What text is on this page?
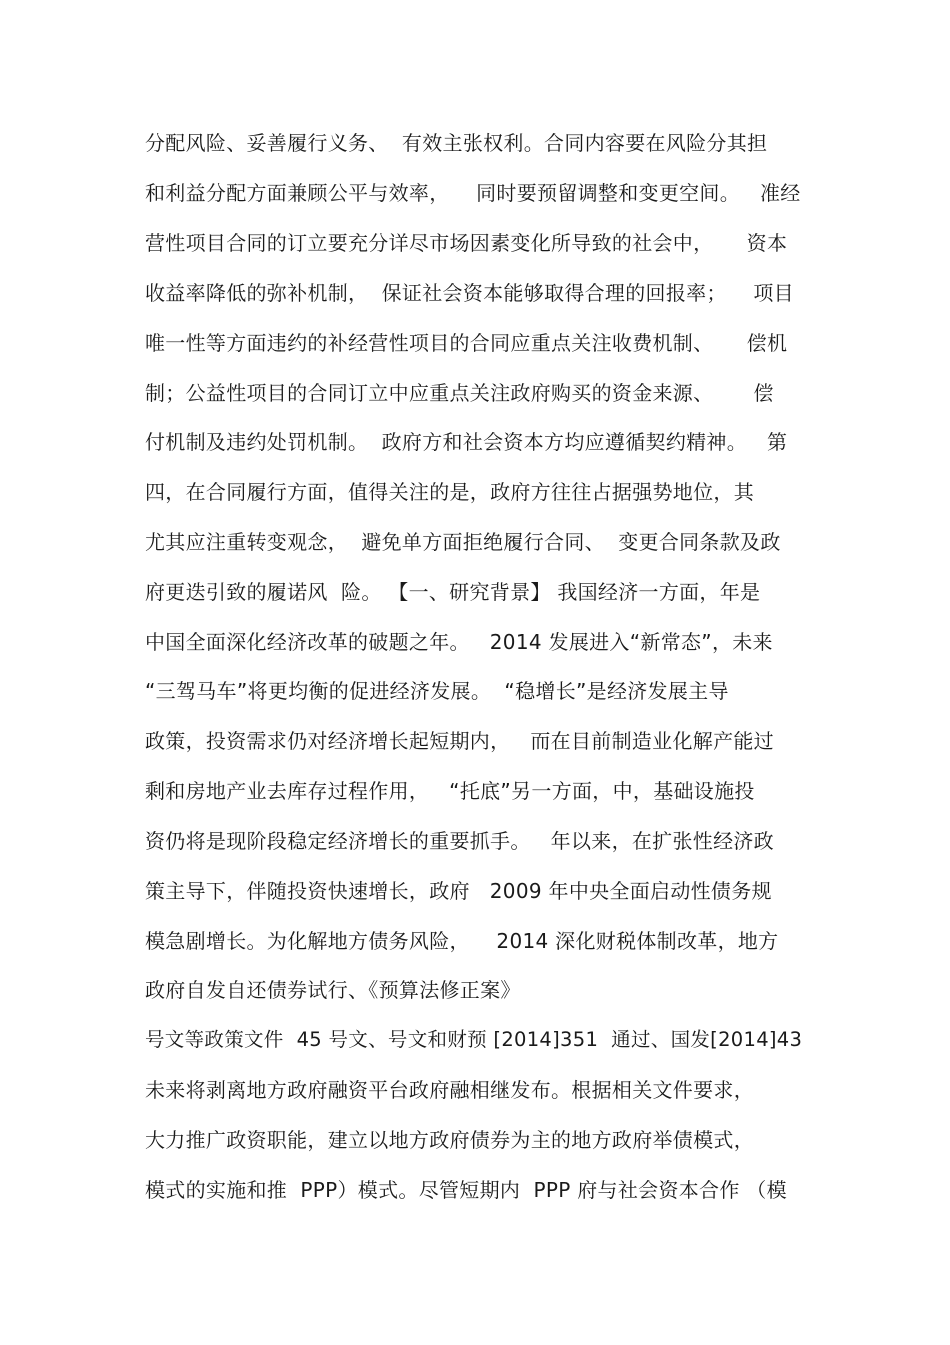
分配风险、妥善履行义务、  有效主张权利。合同内容要在风险分其担

和利益分配方面兼顾公平与效率，    同时要预留调整和变更空间。   准经

营性项目合同的订立要充分详尽市场因素变化所导致的社会中，     资本

收益率降低的弥补机制，  保证社会资本能够取得合理的回报率；    项目

唯一性等方面违约的补经营性项目的合同应重点关注收费机制、     偿机

制；公益性项目的合同订立中应重点关注政府购买的资金来源、      偿

付机制及违约处罚机制。  政府方和社会资本方均应遵循契约精神。   第

四，在合同履行方面，值得关注的是，政府方往往占据强势地位，其

尤其应注重转变观念，  避免单方面拒绝履行合同、  变更合同条款及政

府更迭引致的履诺风  险。 【一、研究背景】 我国经济一方面，年是

中国全面深化经济改革的破题之年。   2014 发展进入“新常态”，未来

“三驾马车”将更均衡的促进经济发展。  “稳增长”是经济发展主导

政策，投资需求仍对经济增长起短期内，   而在目前制造业化解产能过

剩和房地产业去库存过程作用，   “托底”另一方面，中，基础设施投

资仍将是现阶段稳定经济增长的重要抓手。   年以来，在扩张性经济政

策主导下，伴随投资快速增长，政府   2009 年中央全面启动性债务规

模急剧增长。为化解地方债务风险，    2014 深化财税体制改革，地方

政府自发自还债券试行、《预算法修正案》

号文等政策文件  45 号文、号文和财预 [2014]351  通过、国发[2014]43

未来将剥离地方政府融资平台政府融相继发布。根据相关文件要求，

大力推广政资职能，建立以地方政府债券为主的地方政府举债模式，

模式的实施和推  PPP）模式。尽管短期内  PPP 府与社会资本合作 （模
